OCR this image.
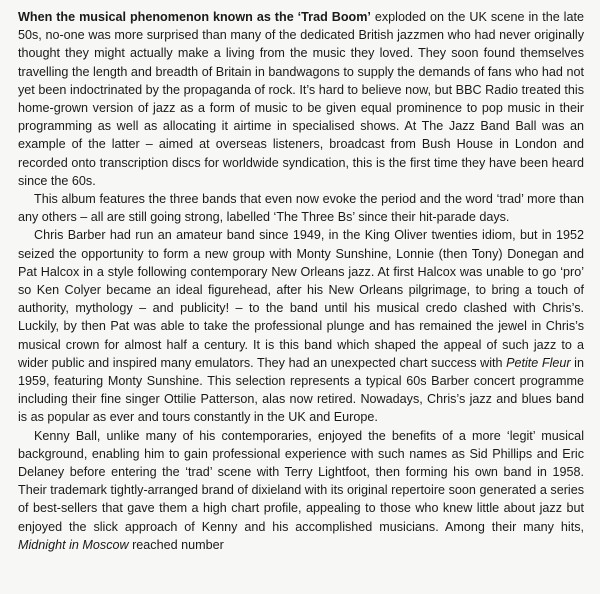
When the musical phenomenon known as the ‘Trad Boom’ exploded on the UK scene in the late 50s, no-one was more surprised than many of the dedicated British jazzmen who had never originally thought they might actually make a living from the music they loved. They soon found themselves travelling the length and breadth of Britain in bandwagons to supply the demands of fans who had not yet been indoctrinated by the propaganda of rock. It’s hard to believe now, but BBC Radio treated this home-grown version of jazz as a form of music to be given equal prominence to pop music in their programming as well as allocating it airtime in specialised shows. At The Jazz Band Ball was an example of the latter – aimed at overseas listeners, broadcast from Bush House in London and recorded onto transcription discs for worldwide syndication, this is the first time they have been heard since the 60s.

This album features the three bands that even now evoke the period and the word ‘trad’ more than any others – all are still going strong, labelled ‘The Three Bs’ since their hit-parade days.

Chris Barber had run an amateur band since 1949, in the King Oliver twenties idiom, but in 1952 seized the opportunity to form a new group with Monty Sunshine, Lonnie (then Tony) Donegan and Pat Halcox in a style following contemporary New Orleans jazz. At first Halcox was unable to go ‘pro’ so Ken Colyer became an ideal figurehead, after his New Orleans pilgrimage, to bring a touch of authority, mythology – and publicity! – to the band until his musical credo clashed with Chris’s. Luckily, by then Pat was able to take the professional plunge and has remained the jewel in Chris’s musical crown for almost half a century. It is this band which shaped the appeal of such jazz to a wider public and inspired many emulators. They had an unexpected chart success with Petite Fleur in 1959, featuring Monty Sunshine. This selection represents a typical 60s Barber concert programme including their fine singer Ottilie Patterson, alas now retired. Nowadays, Chris’s jazz and blues band is as popular as ever and tours constantly in the UK and Europe.

Kenny Ball, unlike many of his contemporaries, enjoyed the benefits of a more ‘legit’ musical background, enabling him to gain professional experience with such names as Sid Phillips and Eric Delaney before entering the ‘trad’ scene with Terry Lightfoot, then forming his own band in 1958. Their trademark tightly-arranged brand of dixieland with its original repertoire soon generated a series of best-sellers that gave them a high chart profile, appealing to those who knew little about jazz but enjoyed the slick approach of Kenny and his accomplished musicians. Among their many hits, Midnight in Moscow reached number
